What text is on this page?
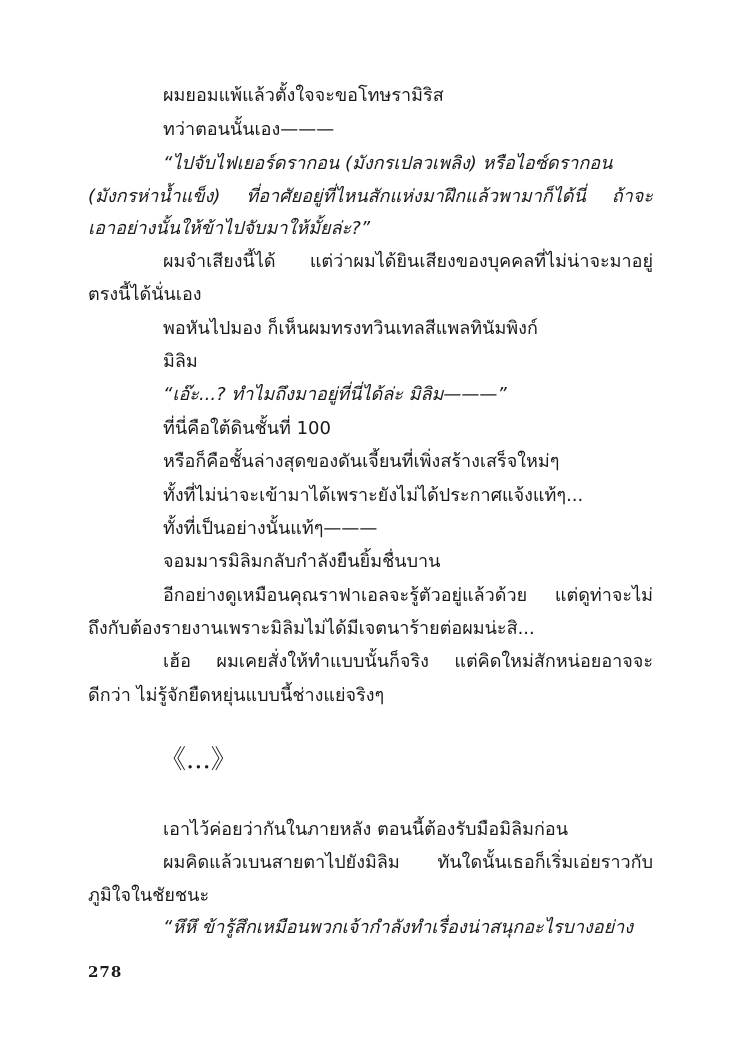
ผมยอมแพ้แล้วตั้งใจจะขอโทษรามิริส
ทว่าตอนนั้นเอง———
“ไปจับไฟเยอร์ดรากอน (มังกรเปลวเพลิง) หรือไอซ์ดรากอน
(มังกรห่าน้ำแข็ง) ที่อาศัยอยู่ที่ไหนสักแห่งมาฝึกแล้วพามาก็ได้นี่ ถ้าจะ
เอาอย่างนั้นให้ข้าไปจับมาให้มั้ยล่ะ?”
ผมจำเสียงนี้ได้ แต่ว่าผมได้ยินเสียงของบุคคลที่ไม่น่าจะมาอยู่
ตรงนี้ได้นั่นเอง
พอหันไปมอง ก็เห็นผมทรงทวินเทลสีแพลทินัมพิงก์
มิลิม
“เอ๊ะ...? ทำไมถึงมาอยู่ที่นี่ได้ล่ะ มิลิม———”
ที่นี่คือใต้ดินชั้นที่ 100
หรือก็คือชั้นล่างสุดของดันเจี้ยนที่เพิ่งสร้างเสร็จใหม่ๆ
ทั้งที่ไม่น่าจะเข้ามาได้เพราะยังไม่ได้ประกาศแจ้งแท้ๆ...
ทั้งที่เป็นอย่างนั้นแท้ๆ———
จอมมารมิลิมกลับกำลังยืนยิ้มชื่นบาน
อีกอย่างดูเหมือนคุณราฟาเอลจะรู้ตัวอยู่แล้วด้วย แต่ดูท่าจะไม่
ถึงกับต้องรายงานเพราะมิลิมไม่ได้มีเจตนาร้ายต่อผมน่ะสิ...
เฮ้อ ผมเคยสั่งให้ทำแบบนั้นก็จริง แต่คิดใหม่สักหน่อยอาจจะ
ดีกว่า ไม่รู้จักยืดหยุ่นแบบนี้ช่างแย่จริงๆ
《...》
เอาไว้ค่อยว่ากันในภายหลัง ตอนนี้ต้องรับมือมิลิมก่อน
ผมคิดแล้วเบนสายตาไปยังมิลิม ทันใดนั้นเธอก็เริ่มเอ่ยราวกับ
ภูมิใจในชัยชนะ
“หึหึ ข้ารู้สึกเหมือนพวกเจ้ากำลังทำเรื่องน่าสนุกอะไรบางอย่าง
278
